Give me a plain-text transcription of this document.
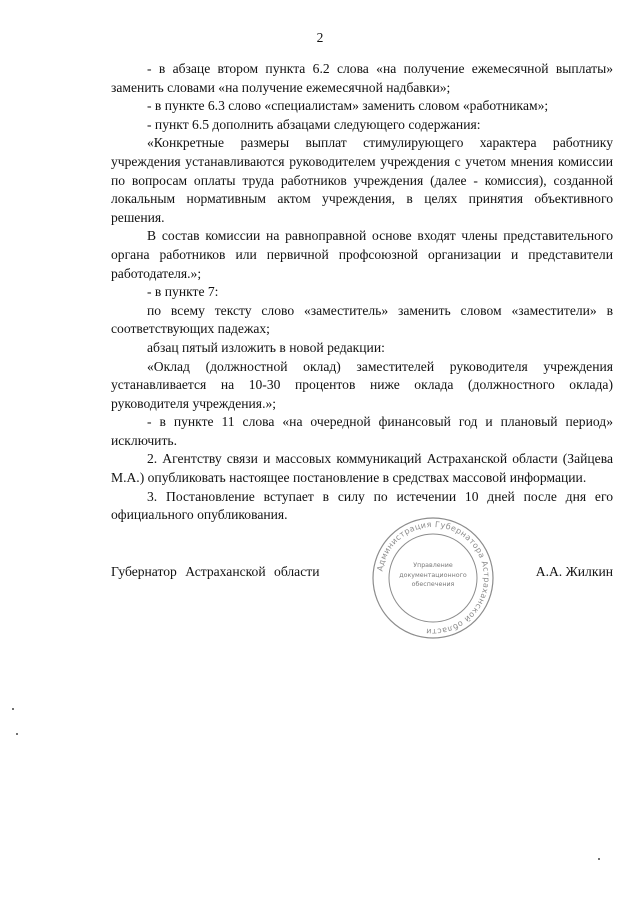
2

- в абзаце втором пункта 6.2 слова «на получение ежемесячной выплаты» заменить словами «на получение ежемесячной надбавки»;

- в пункте 6.3 слово «специалистам» заменить словом «работникам»;

- пункт 6.5 дополнить абзацами следующего содержания:

«Конкретные размеры выплат стимулирующего характера работнику учреждения устанавливаются руководителем учреждения с учетом мнения комиссии по вопросам оплаты труда работников учреждения (далее - комиссия), созданной локальным нормативным актом учреждения, в целях принятия объективного решения.

В состав комиссии на равноправной основе входят члены представительного органа работников или первичной профсоюзной организации и представители работодателя.»;

- в пункте 7:

по всему тексту слово «заместитель» заменить словом «заместители» в соответствующих падежах;

абзац пятый изложить в новой редакции:

«Оклад (должностной оклад) заместителей руководителя учреждения устанавливается на 10-30 процентов ниже оклада (должностного оклада) руководителя учреждения.»;

- в пункте 11 слова «на очередной финансовый год и плановый период» исключить.

2. Агентству связи и массовых коммуникаций Астраханской области (Зайцева М.А.) опубликовать настоящее постановление в средствах массовой информации.

3. Постановление вступает в силу по истечении 10 дней после дня его официального опубликования.

Губернатор Астраханской области	А.А. Жилкин
Администрация Губернатора Астраханской области
Управление
документационного
обеспечения
